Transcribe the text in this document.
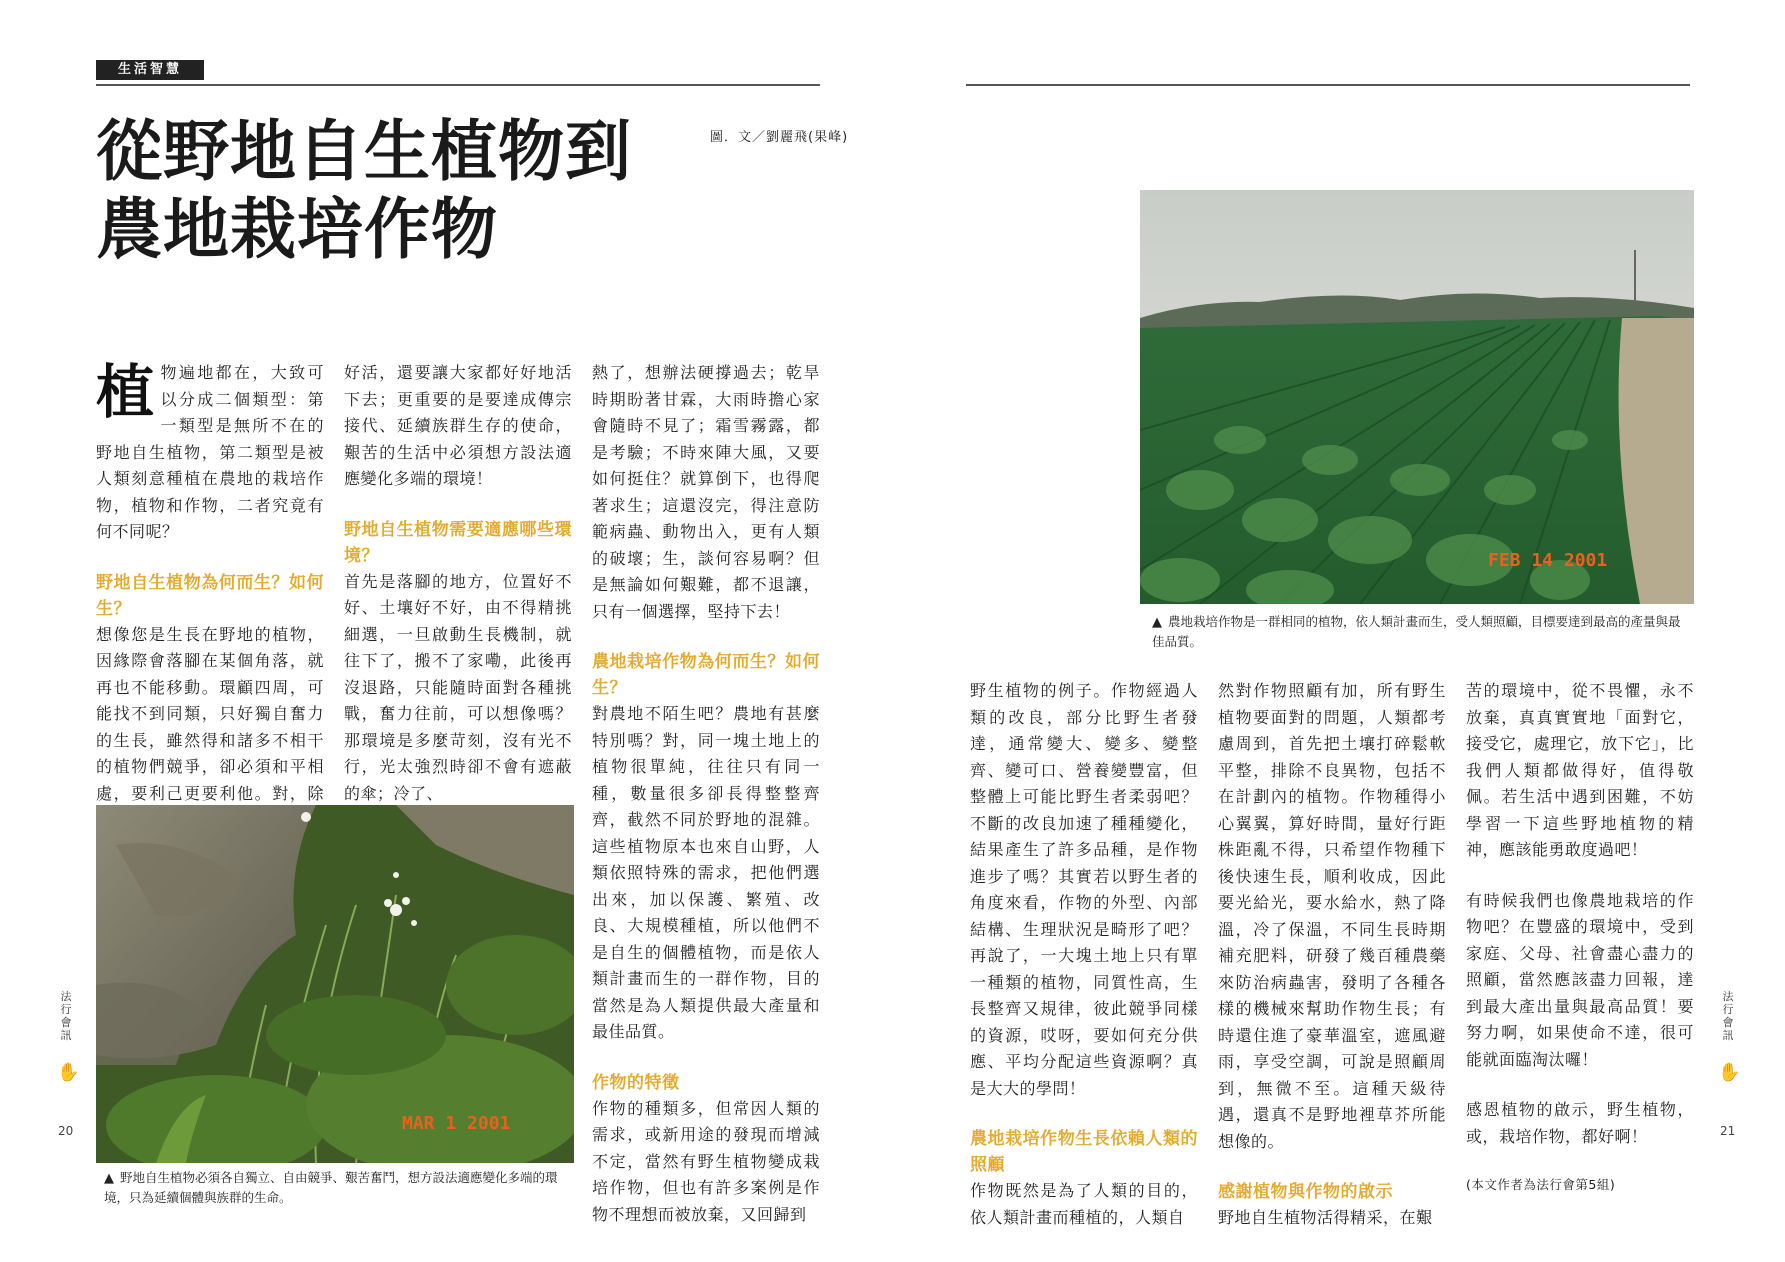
生活智慧
從野地自生植物到
農地栽培作物
圖．文／劉麗飛(果峰)

植物遍地都在，大致可以分成二個類型：第一類型是無所不在的野地自生植物，第二類型是被人類刻意種植在農地的栽培作物，植物和作物，二者究竟有何不同呢？

野地自生植物為何而生？如何生？

想像您是生長在野地的植物，因緣際會落腳在某個角落，就再也不能移動。環顧四周，可能找不到同類，只好獨自奮力的生長，雖然得和諸多不相干的植物們競爭，卻必須和平相處，要利己更要利他。對，除

好活，還要讓大家都好好地活下去；更重要的是要達成傳宗接代、延續族群生存的使命，艱苦的生活中必須想方設法適應變化多端的環境！

野地自生植物需要適應哪些環境？

首先是落腳的地方，位置好不好、土壤好不好，由不得精挑細選，一旦啟動生長機制，就往下了，搬不了家嘞，此後再沒退路，只能隨時面對各種挑戰，奮力往前，可以想像嗎？那環境是多麼苛刻，沒有光不行，光太強烈時卻不會有遮蔽的傘；冷了、

熱了，想辦法硬撐過去；乾旱時期盼著甘霖，大雨時擔心家會隨時不見了；霜雪霧露，都是考驗；不時來陣大風，又要如何挺住？就算倒下，也得爬著求生；這還沒完，得注意防範病蟲、動物出入，更有人類的破壞；生，談何容易啊？但是無論如何艱難，都不退讓，只有一個選擇，堅持下去！

農地栽培作物為何而生？如何生？

對農地不陌生吧？農地有甚麼特別嗎？對，同一塊土地上的植物很單純，往往只有同一種，數量很多卻長得整整齊齊，截然不同於野地的混雜。這些植物原本也來自山野，人類依照特殊的需求，把他們選出來，加以保護、繁殖、改良、大規模種植，所以他們不是自生的個體植物，而是依人類計畫而生的一群作物，目的當然是為人類提供最大產量和最佳品質。

作物的特徵

作物的種類多，但常因人類的需求，或新用途的發現而增減不定，當然有野生植物變成栽培作物，但也有許多案例是作物不理想而被放棄，又回歸到

MAR 1 2001
▲ 野地自生植物必須各自獨立、自由競爭、艱苦奮鬥，想方設法適應變化多端的環境，只為延續個體與族群的生命。
法行會訊
✋
20
FEB 14 2001
▲ 農地栽培作物是一群相同的植物，依人類計畫而生，受人類照顧，目標要達到最高的產量與最佳品質。

野生植物的例子。作物經過人類的改良，部分比野生者發達，通常變大、變多、變整齊、變可口、營養變豐富，但整體上可能比野生者柔弱吧？不斷的改良加速了種種變化，結果產生了許多品種，是作物進步了嗎？其實若以野生者的角度來看，作物的外型、內部結構、生理狀況是畸形了吧？再說了，一大塊土地上只有單一種類的植物，同質性高，生長整齊又規律，彼此競爭同樣的資源，哎呀，要如何充分供應、平均分配這些資源啊？真是大大的學問！

農地栽培作物生長依賴人類的照顧

作物既然是為了人類的目的，依人類計畫而種植的，人類自

然對作物照顧有加，所有野生植物要面對的問題，人類都考慮周到，首先把土壤打碎鬆軟平整，排除不良異物，包括不在計劃內的植物。作物種得小心翼翼，算好時間，量好行距株距亂不得，只希望作物種下後快速生長，順利收成，因此要光給光，要水給水，熱了降溫，冷了保溫，不同生長時期補充肥料，研發了幾百種農藥來防治病蟲害，發明了各種各樣的機械來幫助作物生長；有時還住進了豪華溫室，遮風避雨，享受空調，可說是照顧周到，無微不至。這種天級待遇，還真不是野地裡草芥所能想像的。

感謝植物與作物的啟示

野地自生植物活得精采，在艱

苦的環境中，從不畏懼，永不放棄，真真實實地「面對它，接受它，處理它，放下它」，比我們人類都做得好，值得敬佩。若生活中遇到困難，不妨學習一下這些野地植物的精神，應該能勇敢度過吧！

有時候我們也像農地栽培的作物吧？在豐盛的環境中，受到家庭、父母、社會盡心盡力的照顧，當然應該盡力回報，達到最大產出量與最高品質！要努力啊，如果使命不達，很可能就面臨淘汰囉！

感恩植物的啟示，野生植物，或，栽培作物，都好啊！

(本文作者為法行會第5組)

法行會訊
✋
21
